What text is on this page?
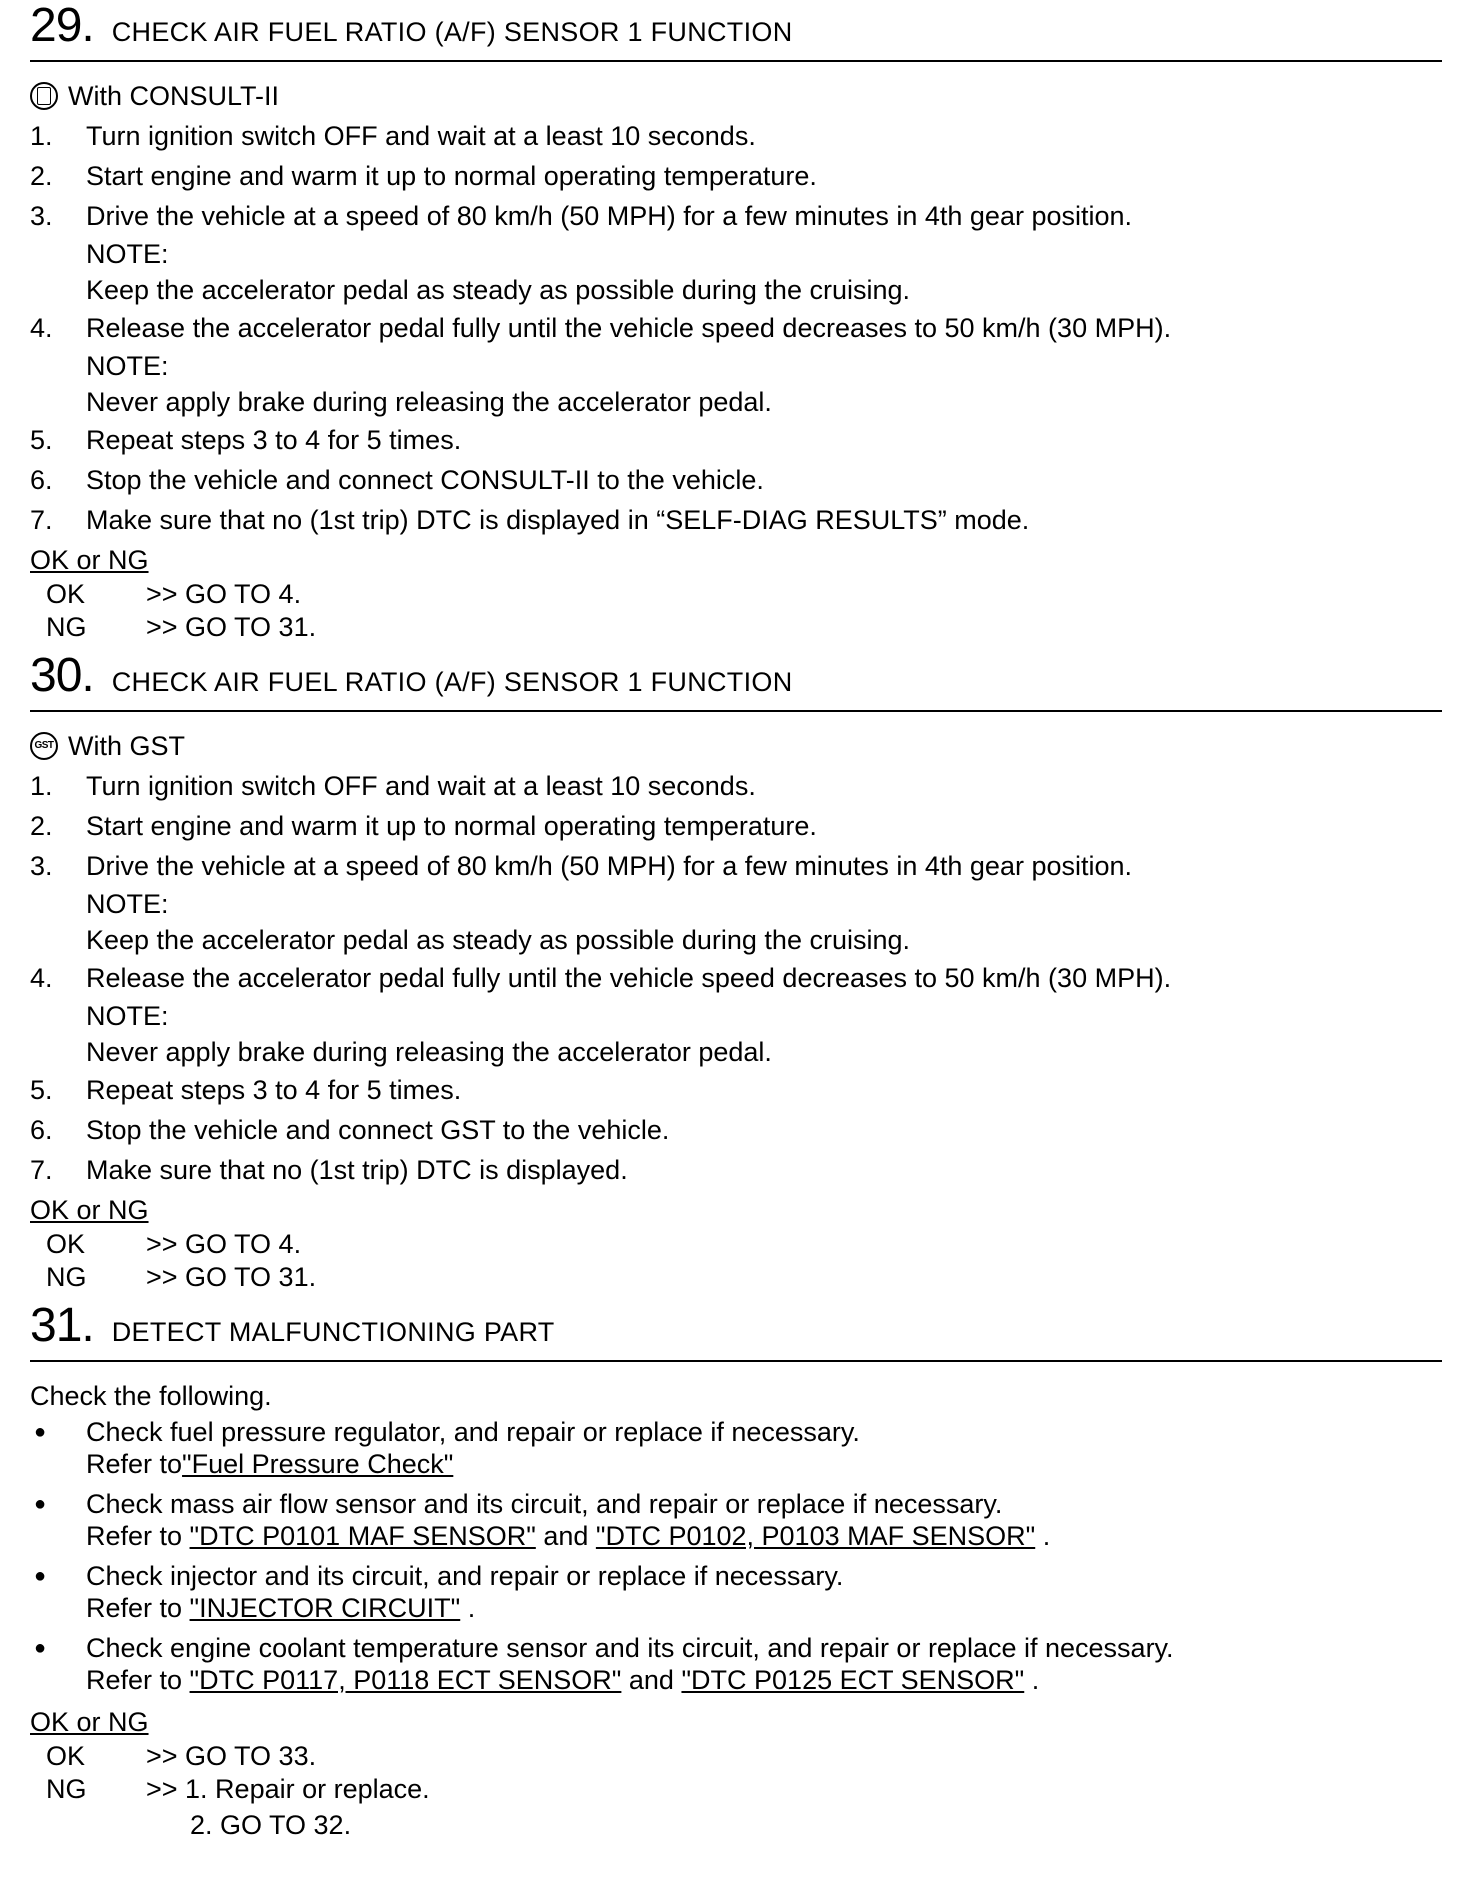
29. CHECK AIR FUEL RATIO (A/F) SENSOR 1 FUNCTION
With CONSULT-II
1.	Turn ignition switch OFF and wait at a least 10 seconds.
2.	Start engine and warm it up to normal operating temperature.
3.	Drive the vehicle at a speed of 80 km/h (50 MPH) for a few minutes in 4th gear position.
NOTE:
Keep the accelerator pedal as steady as possible during the cruising.
4.	Release the accelerator pedal fully until the vehicle speed decreases to 50 km/h (30 MPH).
NOTE:
Never apply brake during releasing the accelerator pedal.
5.	Repeat steps 3 to 4 for 5 times.
6.	Stop the vehicle and connect CONSULT-II to the vehicle.
7.	Make sure that no (1st trip) DTC is displayed in “SELF-DIAG RESULTS” mode.
OK or NG
OK	>> GO TO 4.
NG	>> GO TO 31.
30. CHECK AIR FUEL RATIO (A/F) SENSOR 1 FUNCTION
GST With GST
1.	Turn ignition switch OFF and wait at a least 10 seconds.
2.	Start engine and warm it up to normal operating temperature.
3.	Drive the vehicle at a speed of 80 km/h (50 MPH) for a few minutes in 4th gear position.
NOTE:
Keep the accelerator pedal as steady as possible during the cruising.
4.	Release the accelerator pedal fully until the vehicle speed decreases to 50 km/h (30 MPH).
NOTE:
Never apply brake during releasing the accelerator pedal.
5.	Repeat steps 3 to 4 for 5 times.
6.	Stop the vehicle and connect GST to the vehicle.
7.	Make sure that no (1st trip) DTC is displayed.
OK or NG
OK	>> GO TO 4.
NG	>> GO TO 31.
31. DETECT MALFUNCTIONING PART
Check the following.
●	Check fuel pressure regulator, and repair or replace if necessary.
Refer to"Fuel Pressure Check"
●	Check mass air flow sensor and its circuit, and repair or replace if necessary.
Refer to "DTC P0101 MAF SENSOR" and "DTC P0102, P0103 MAF SENSOR" .
●	Check injector and its circuit, and repair or replace if necessary.
Refer to "INJECTOR CIRCUIT" .
●	Check engine coolant temperature sensor and its circuit, and repair or replace if necessary.
Refer to "DTC P0117, P0118 ECT SENSOR" and "DTC P0125 ECT SENSOR" .
OK or NG
OK	>> GO TO 33.
NG	>> 1. Repair or replace.
2. GO TO 32.
